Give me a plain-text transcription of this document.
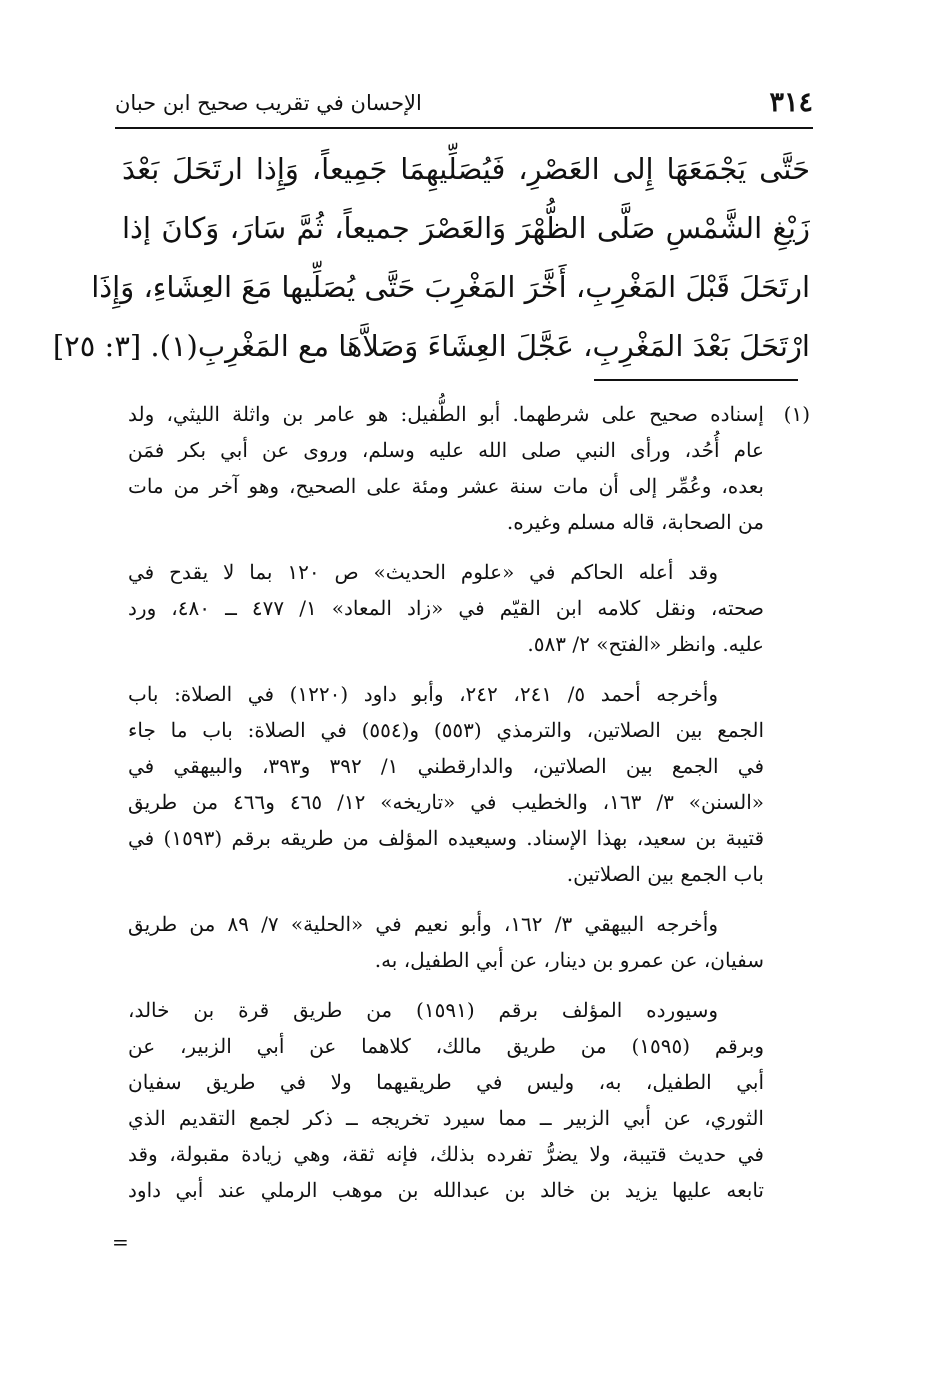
٣١٤
الإحسان في تقريب صحيح ابن حبان
حَتَّى يَجْمَعَهَا إِلى العَصْرِ، فَيُصَلِّيهِمَا جَمِيعاً، وَإِذا ارتَحَلَ بَعْدَ
زَيْغِ الشَّمْسِ صَلَّى الظُّهْرَ وَالعَصْرَ جميعاً، ثُمَّ سَارَ، وَكانَ إذا
ارتَحَلَ قَبْلَ المَغْرِبِ، أَخَّرَ المَغْرِبَ حَتَّى يُصَلِّيها مَعَ العِشَاءِ، وَإِذَا
ارْتَحَلَ بَعْدَ المَغْرِبِ، عَجَّلَ العِشَاءَ وَصَلاَّهَا مع المَغْرِبِ(١). [٣: ٢٥]
(١)
إسناده صحيح على شرطهما. أبو الطُّفيل: هو عامر بن واثلة الليثي، ولد
عام أُحُد، ورأى النبي صلى الله عليه وسلم، وروى عن أبي بكر فمَن
بعده، وعُمِّر إلى أن مات سنة عشر ومئة على الصحيح، وهو آخر من مات
من الصحابة، قاله مسلم وغيره.
وقد أعله الحاكم في «علوم الحديث» ص ١٢٠ بما لا يقدح في
صحته، ونقل كلامه ابن القيّم في «زاد المعاد» ١/ ٤٧٧ ــ ٤٨٠، ورد
عليه. وانظر «الفتح» ٢/ ٥٨٣.
وأخرجه أحمد ٥/ ٢٤١، ٢٤٢، وأبو داود (١٢٢٠) في الصلاة: باب
الجمع بين الصلاتين، والترمذي (٥٥٣) و(٥٥٤) في الصلاة: باب ما جاء
في الجمع بين الصلاتين، والدارقطني ١/ ٣٩٢ و٣٩٣، والبيهقي في
«السنن» ٣/ ١٦٣، والخطيب في «تاريخه» ١٢/ ٤٦٥ و٤٦٦ من طريق
قتيبة بن سعيد، بهذا الإسناد. وسيعيده المؤلف من طريقه برقم (١٥٩٣) في
باب الجمع بين الصلاتين.
وأخرجه البيهقي ٣/ ١٦٢، وأبو نعيم في «الحلية» ٧/ ٨٩ من طريق
سفيان، عن عمرو بن دينار، عن أبي الطفيل، به.
وسيورده المؤلف برقم (١٥٩١) من طريق قرة بن خالد،
وبرقم (١٥٩٥) من طريق مالك، كلاهما عن أبي الزبير، عن
أبي الطفيل، به، وليس في طريقيهما ولا في طريق سفيان
الثوري، عن أبي الزبير ــ مما سيرد تخريجه ــ ذكر لجمع التقديم الذي
في حديث قتيبة، ولا يضرُّ تفرده بذلك، فإنه ثقة، وهي زيادة مقبولة، وقد
تابعه عليها يزيد بن خالد بن عبدالله بن موهب الرملي عند أبي داود
=
